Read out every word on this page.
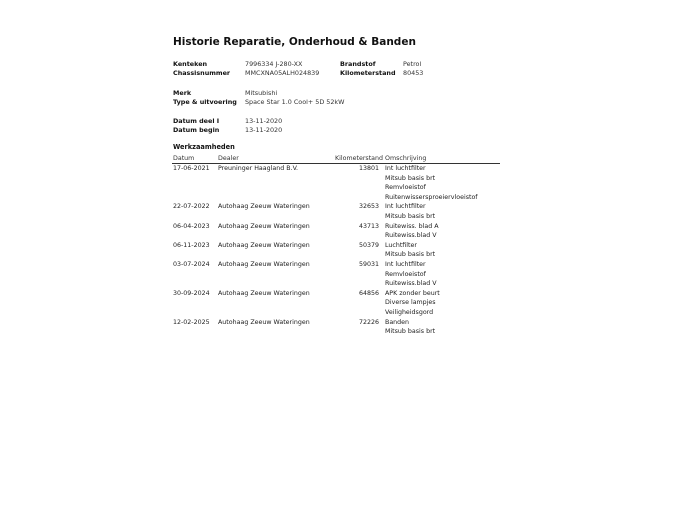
Historie Reparatie, Onderhoud & Banden
Kenteken	7996334 J-280-XX	Brandstof	Petrol
Chassisnummer MMCXNA05ALH024839	Kilometerstand 80453
Merk	Mitsubishi
Type & uitvoering Space Star 1.0 Cool+ 5D 52kW
Datum deel I	13-11-2020
Datum begin	13-11-2020
Werkzaamheden
Datum	Dealer	Kilometerstand Omschrijving
17-06-2021 Preuninger Haagland B.V.	13801 Int luchtfilter
Mitsub basis brt
Remvloeistof
Ruitenwissersproeiervloeistof
22-07-2022 Autohaag Zeeuw Wateringen	32653 Int luchtfilter
Mitsub basis brt
06-04-2023 Autohaag Zeeuw Wateringen	43713 Ruitewiss. blad A
Ruitewiss.blad V
06-11-2023 Autohaag Zeeuw Wateringen	50379 Luchtfilter
Mitsub basis brt
03-07-2024 Autohaag Zeeuw Wateringen	59031 Int luchtfilter
Remvloeistof
Ruitewiss.blad V
30-09-2024 Autohaag Zeeuw Wateringen	64856 APK zonder beurt
Diverse lampjes
Veiligheidsgord
12-02-2025 Autohaag Zeeuw Wateringen	72226 Banden
Mitsub basis brt
